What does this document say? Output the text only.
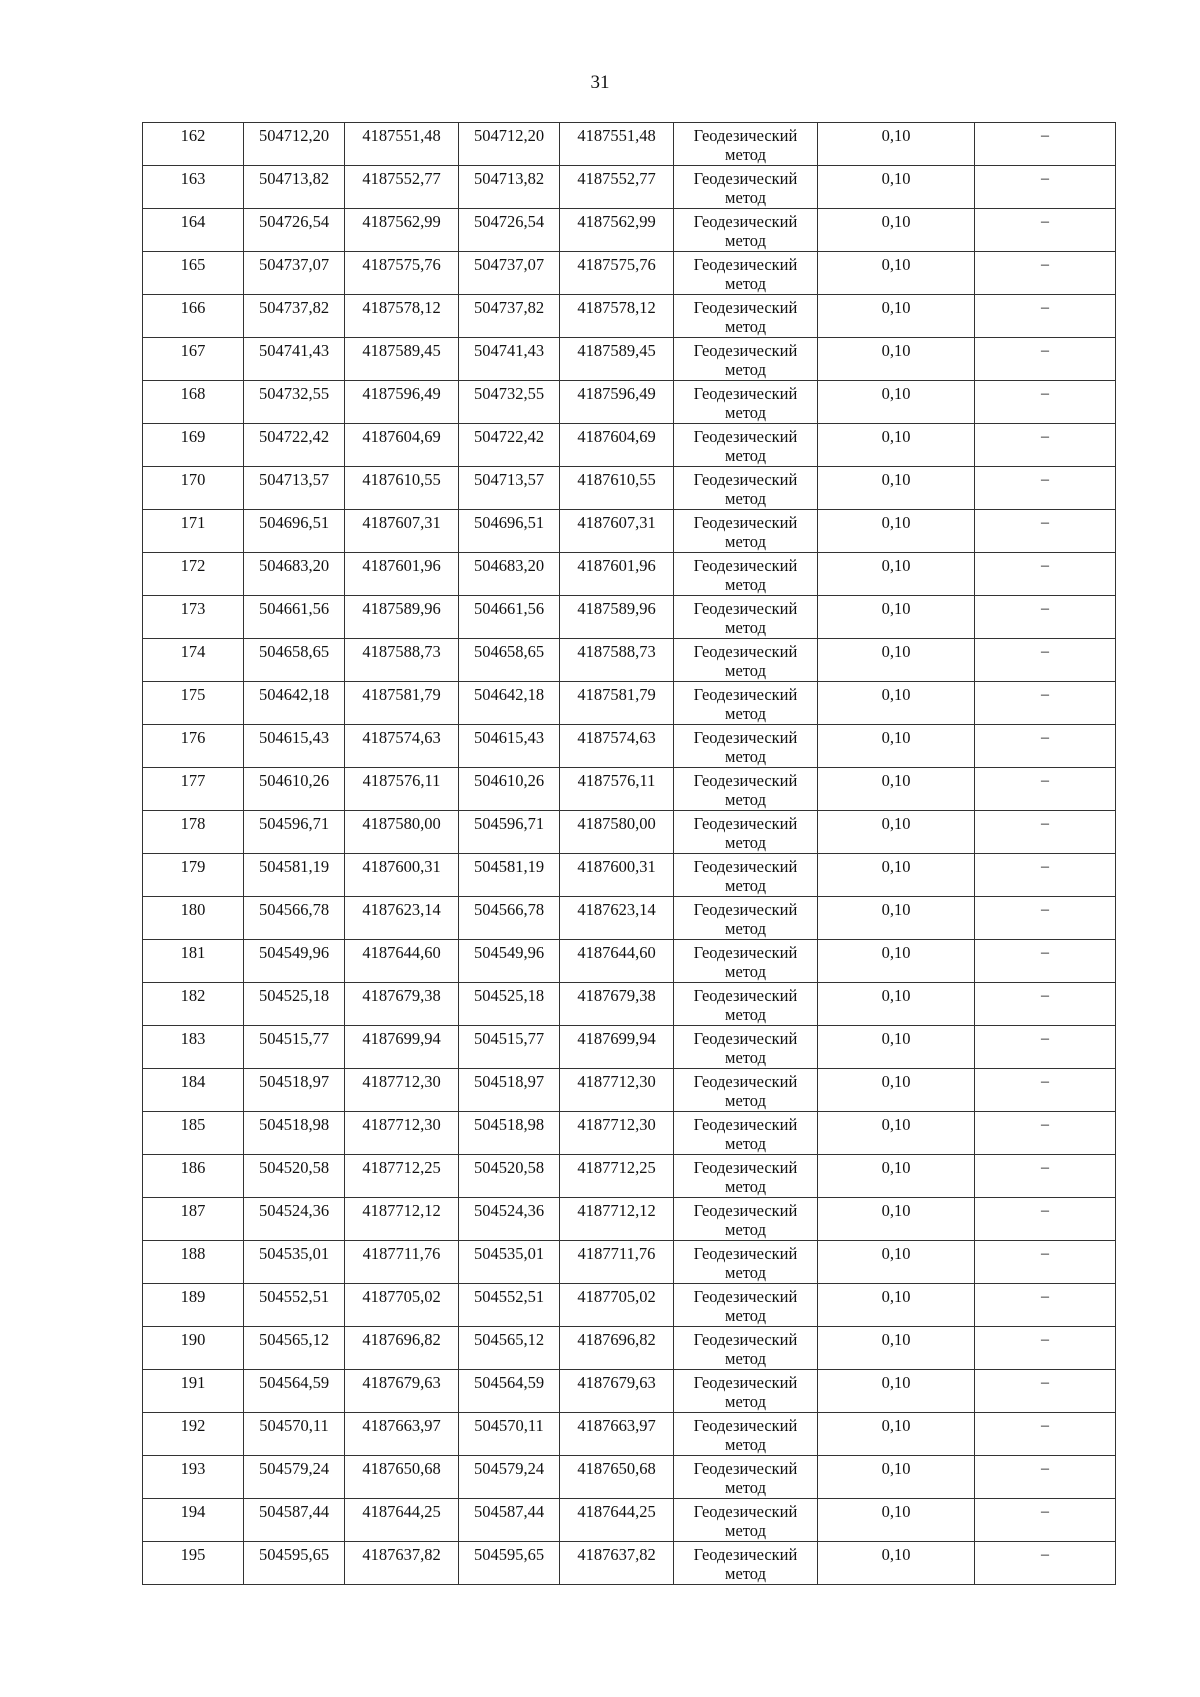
31
162	504712,20	4187551,48	504712,20	4187551,48	Геодезический
метод	0,10	–

163	504713,82	4187552,77	504713,82	4187552,77	Геодезический
метод	0,10	–

164	504726,54	4187562,99	504726,54	4187562,99	Геодезический
метод	0,10	–

165	504737,07	4187575,76	504737,07	4187575,76	Геодезический
метод	0,10	–

166	504737,82	4187578,12	504737,82	4187578,12	Геодезический
метод	0,10	–

167	504741,43	4187589,45	504741,43	4187589,45	Геодезический
метод	0,10	–

168	504732,55	4187596,49	504732,55	4187596,49	Геодезический
метод	0,10	–

169	504722,42	4187604,69	504722,42	4187604,69	Геодезический
метод	0,10	–

170	504713,57	4187610,55	504713,57	4187610,55	Геодезический
метод	0,10	–

171	504696,51	4187607,31	504696,51	4187607,31	Геодезический
метод	0,10	–

172	504683,20	4187601,96	504683,20	4187601,96	Геодезический
метод	0,10	–

173	504661,56	4187589,96	504661,56	4187589,96	Геодезический
метод	0,10	–

174	504658,65	4187588,73	504658,65	4187588,73	Геодезический
метод	0,10	–

175	504642,18	4187581,79	504642,18	4187581,79	Геодезический
метод	0,10	–

176	504615,43	4187574,63	504615,43	4187574,63	Геодезический
метод	0,10	–

177	504610,26	4187576,11	504610,26	4187576,11	Геодезический
метод	0,10	–

178	504596,71	4187580,00	504596,71	4187580,00	Геодезический
метод	0,10	–

179	504581,19	4187600,31	504581,19	4187600,31	Геодезический
метод	0,10	–

180	504566,78	4187623,14	504566,78	4187623,14	Геодезический
метод	0,10	–

181	504549,96	4187644,60	504549,96	4187644,60	Геодезический
метод	0,10	–

182	504525,18	4187679,38	504525,18	4187679,38	Геодезический
метод	0,10	–

183	504515,77	4187699,94	504515,77	4187699,94	Геодезический
метод	0,10	–

184	504518,97	4187712,30	504518,97	4187712,30	Геодезический
метод	0,10	–

185	504518,98	4187712,30	504518,98	4187712,30	Геодезический
метод	0,10	–

186	504520,58	4187712,25	504520,58	4187712,25	Геодезический
метод	0,10	–

187	504524,36	4187712,12	504524,36	4187712,12	Геодезический
метод	0,10	–

188	504535,01	4187711,76	504535,01	4187711,76	Геодезический
метод	0,10	–

189	504552,51	4187705,02	504552,51	4187705,02	Геодезический
метод	0,10	–

190	504565,12	4187696,82	504565,12	4187696,82	Геодезический
метод	0,10	–

191	504564,59	4187679,63	504564,59	4187679,63	Геодезический
метод	0,10	–

192	504570,11	4187663,97	504570,11	4187663,97	Геодезический
метод	0,10	–

193	504579,24	4187650,68	504579,24	4187650,68	Геодезический
метод	0,10	–

194	504587,44	4187644,25	504587,44	4187644,25	Геодезический
метод	0,10	–

195	504595,65	4187637,82	504595,65	4187637,82	Геодезический
метод	0,10	–
